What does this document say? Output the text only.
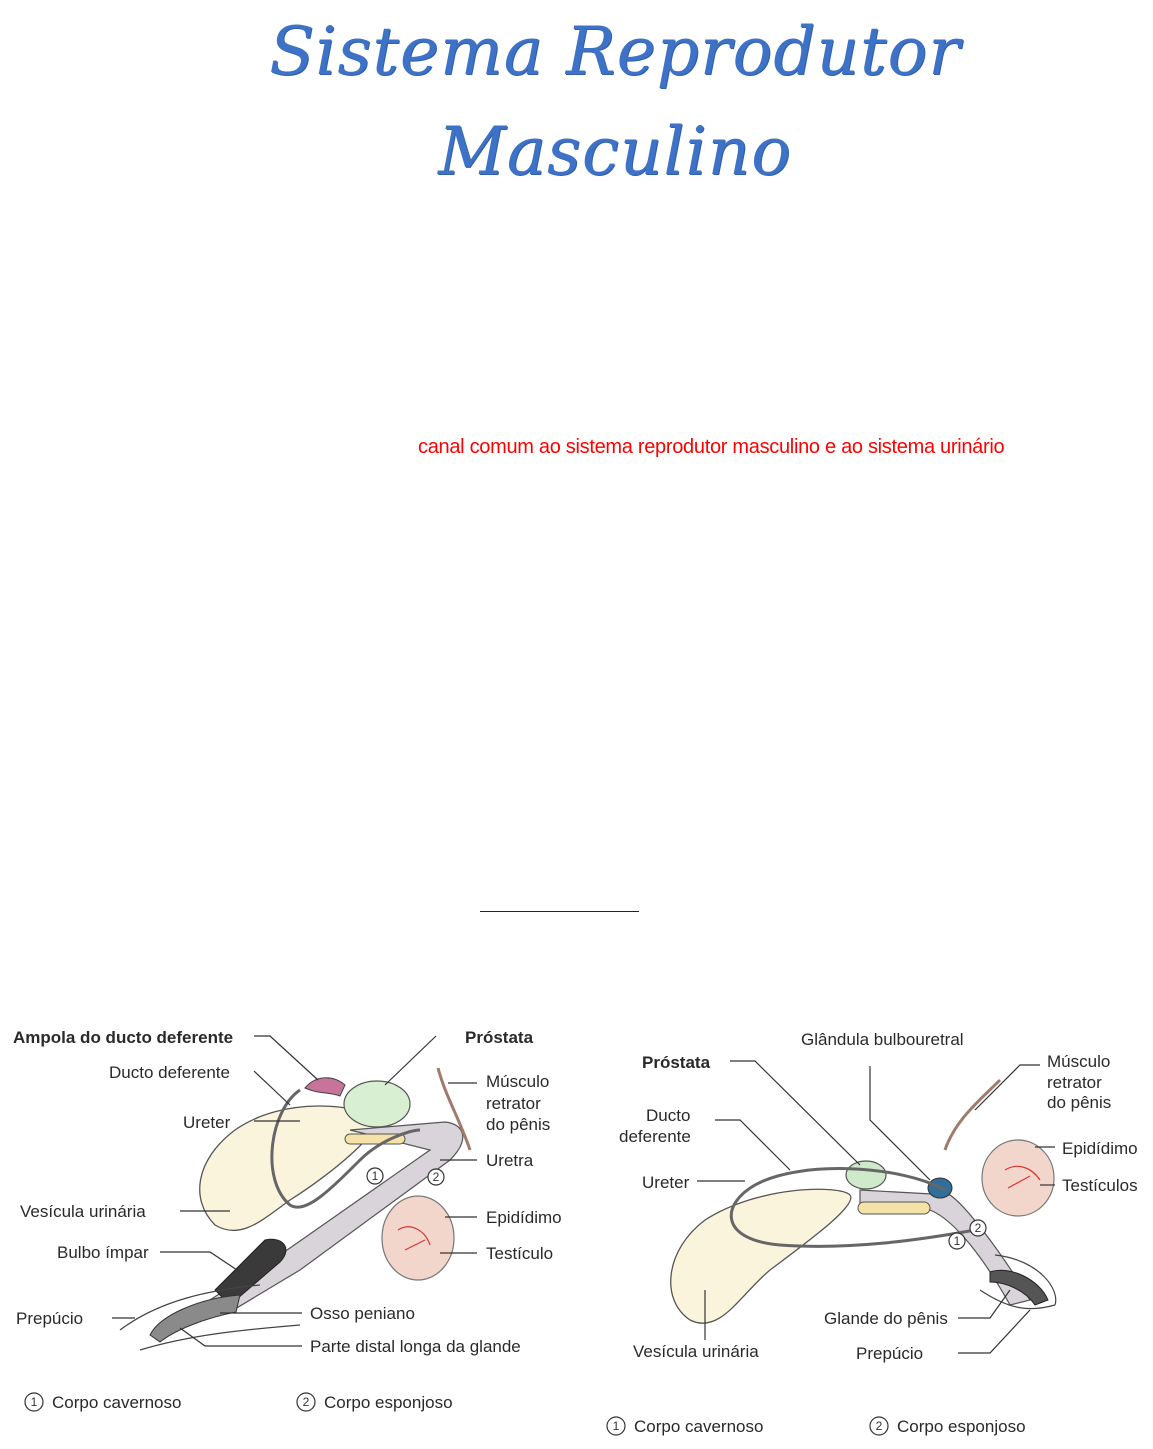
Sistema Reprodutor Masculino
canal comum ao sistema reprodutor masculino e ao sistema urinário
1	2
Ampola do ducto deferente	Próstata
Ducto deferente	Músculo
retrator
do pênis
Ureter
Uretra
Vesícula urinária	Epidídimo
Bulbo ímpar	Testículo
Prepúcio	Osso peniano
Parte distal longa da glande
1 Corpo cavernoso	2 Corpo esponjoso
1
2
Glândula bulbouretral
Próstata	Músculo
retrator
do pênis
Ducto
deferente
Epidídimo
Ureter	Testículos
Glande do pênis
Vesícula urinária	Prepúcio
1 Corpo cavernoso	2 Corpo esponjoso
